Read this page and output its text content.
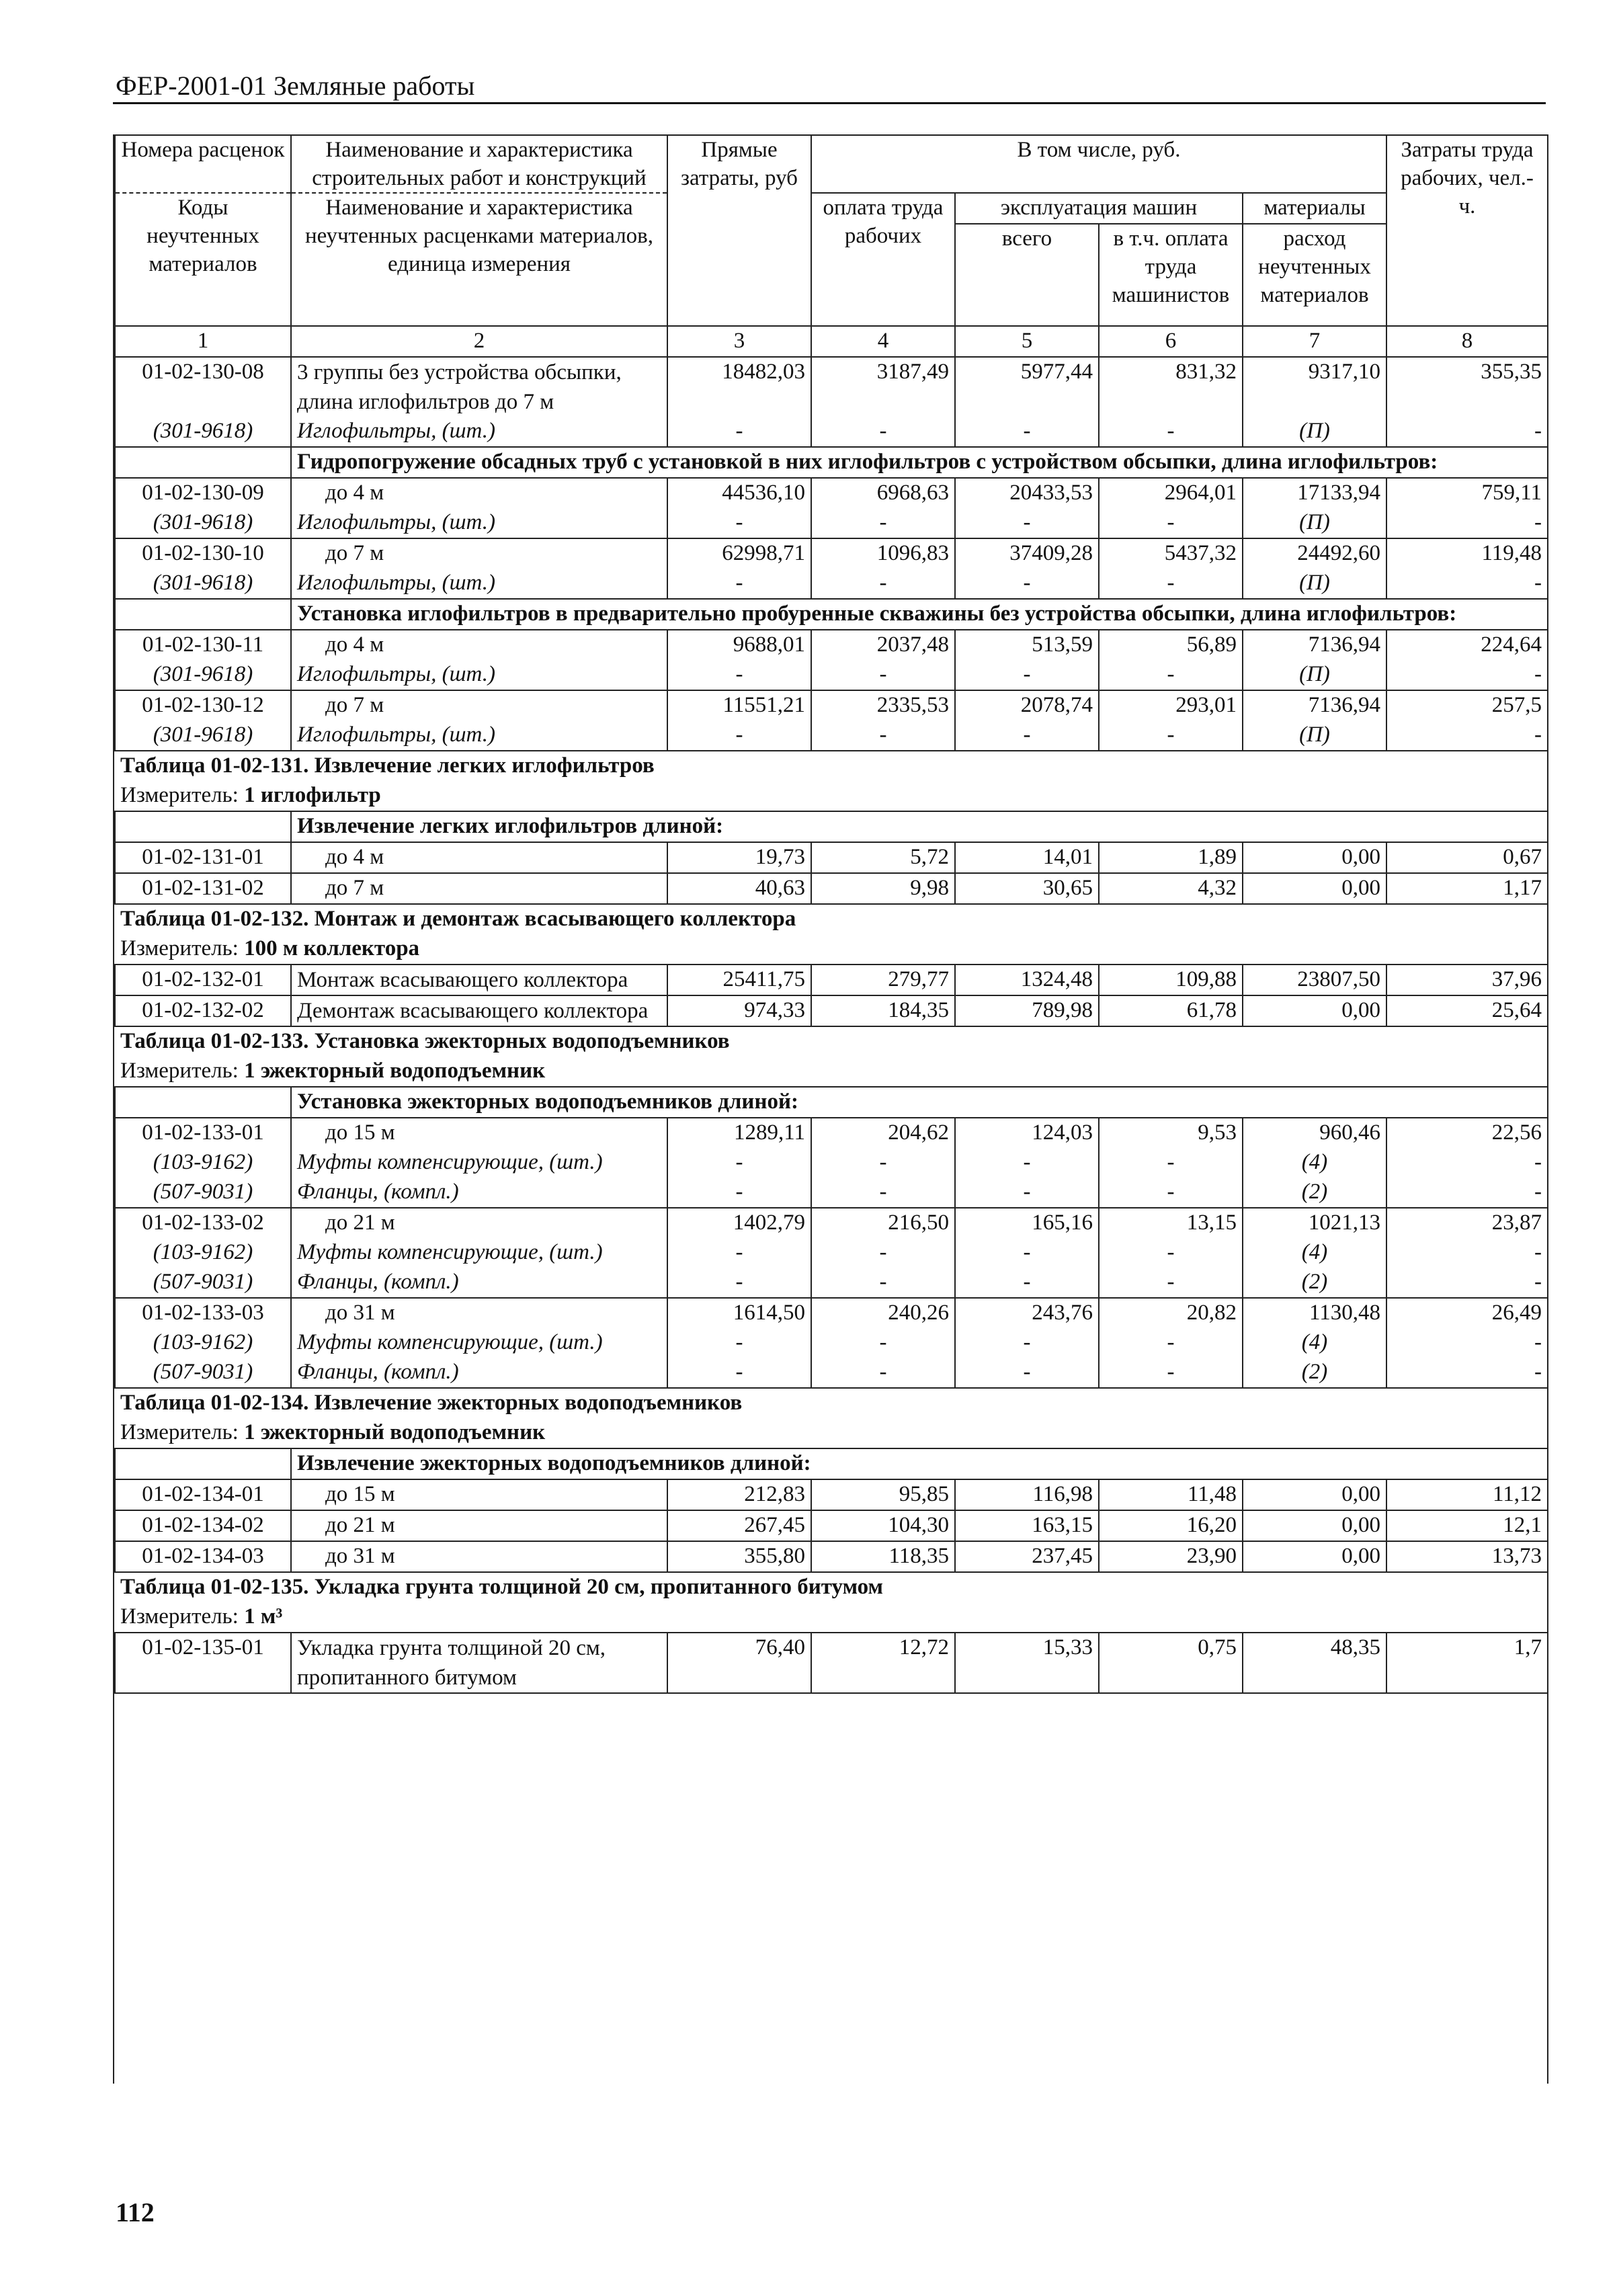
ФЕР-2001-01 Земляные работы
Номера расценок	Наименование и характеристика строительных работ и конструкций	Прямые затраты, руб	В том числе, руб.				Затраты труда рабочих, чел.-ч.
Коды неучтенных материалов	Наименование и характеристика неучтенных расценками материалов, единица измерения		оплата труда рабочих	эксплуатация машин		материалы	
				всего	в т.ч. оплата труда машинистов	расход неучтенных материалов	

1	2	3	4	5	6	7	8
01-02-130-08	3 группы без устройства обсыпки, длина иглофильтров до 7 м	18482,03	3187,49	5977,44	831,32	9317,10	355,35
(301-9618)	Иглофильтры, (шт.)	-	-	-	-	(П)	-
	Гидропогружение обсадных труб с установкой в них иглофильтров с устройством обсыпки, длина иглофильтров:						
01-02-130-09	до 4 м	44536,10	6968,63	20433,53	2964,01	17133,94	759,11
(301-9618)	Иглофильтры, (шт.)	-	-	-	-	(П)	-
01-02-130-10	до 7 м	62998,71	1096,83	37409,28	5437,32	24492,60	119,48
(301-9618)	Иглофильтры, (шт.)	-	-	-	-	(П)	-
	Установка иглофильтров в предварительно пробуренные скважины без устройства обсыпки, длина иглофильтров:						
01-02-130-11	до 4 м	9688,01	2037,48	513,59	56,89	7136,94	224,64
(301-9618)	Иглофильтры, (шт.)	-	-	-	-	(П)	-
01-02-130-12	до 7 м	11551,21	2335,53	2078,74	293,01	7136,94	257,5
(301-9618)	Иглофильтры, (шт.)	-	-	-	-	(П)	-
Таблица 01-02-131. Извлечение легких иглофильтров							
Измеритель: 1 иглофильтр							
	Извлечение легких иглофильтров длиной:						
01-02-131-01	до 4 м	19,73	5,72	14,01	1,89	0,00	0,67
01-02-131-02	до 7 м	40,63	9,98	30,65	4,32	0,00	1,17
Таблица 01-02-132. Монтаж и демонтаж всасывающего коллектора							
Измеритель: 100 м коллектора							
01-02-132-01	Монтаж всасывающего коллектора	25411,75	279,77	1324,48	109,88	23807,50	37,96
01-02-132-02	Демонтаж всасывающего коллектора	974,33	184,35	789,98	61,78	0,00	25,64
Таблица 01-02-133. Установка эжекторных водоподъемников							
Измеритель: 1 эжекторный водоподъемник							
	Установка эжекторных водоподъемников длиной:						
01-02-133-01	до 15 м	1289,11	204,62	124,03	9,53	960,46	22,56
(103-9162)	Муфты компенсирующие, (шт.)	-	-	-	-	(4)	-
(507-9031)	Фланцы, (компл.)	-	-	-	-	(2)	-
01-02-133-02	до 21 м	1402,79	216,50	165,16	13,15	1021,13	23,87
(103-9162)	Муфты компенсирующие, (шт.)	-	-	-	-	(4)	-
(507-9031)	Фланцы, (компл.)	-	-	-	-	(2)	-
01-02-133-03	до 31 м	1614,50	240,26	243,76	20,82	1130,48	26,49
(103-9162)	Муфты компенсирующие, (шт.)	-	-	-	-	(4)	-
(507-9031)	Фланцы, (компл.)	-	-	-	-	(2)	-
Таблица 01-02-134. Извлечение эжекторных водоподъемников							
Измеритель: 1 эжекторный водоподъемник							
	Извлечение эжекторных водоподъемников длиной:						
01-02-134-01	до 15 м	212,83	95,85	116,98	11,48	0,00	11,12
01-02-134-02	до 21 м	267,45	104,30	163,15	16,20	0,00	12,1
01-02-134-03	до 31 м	355,80	118,35	237,45	23,90	0,00	13,73
Таблица 01-02-135. Укладка грунта толщиной 20 см, пропитанного битумом							
Измеритель: 1 м³							
01-02-135-01	Укладка грунта толщиной 20 см, пропитанного битумом	76,40	12,72	15,33	0,75	48,35	1,7
112
